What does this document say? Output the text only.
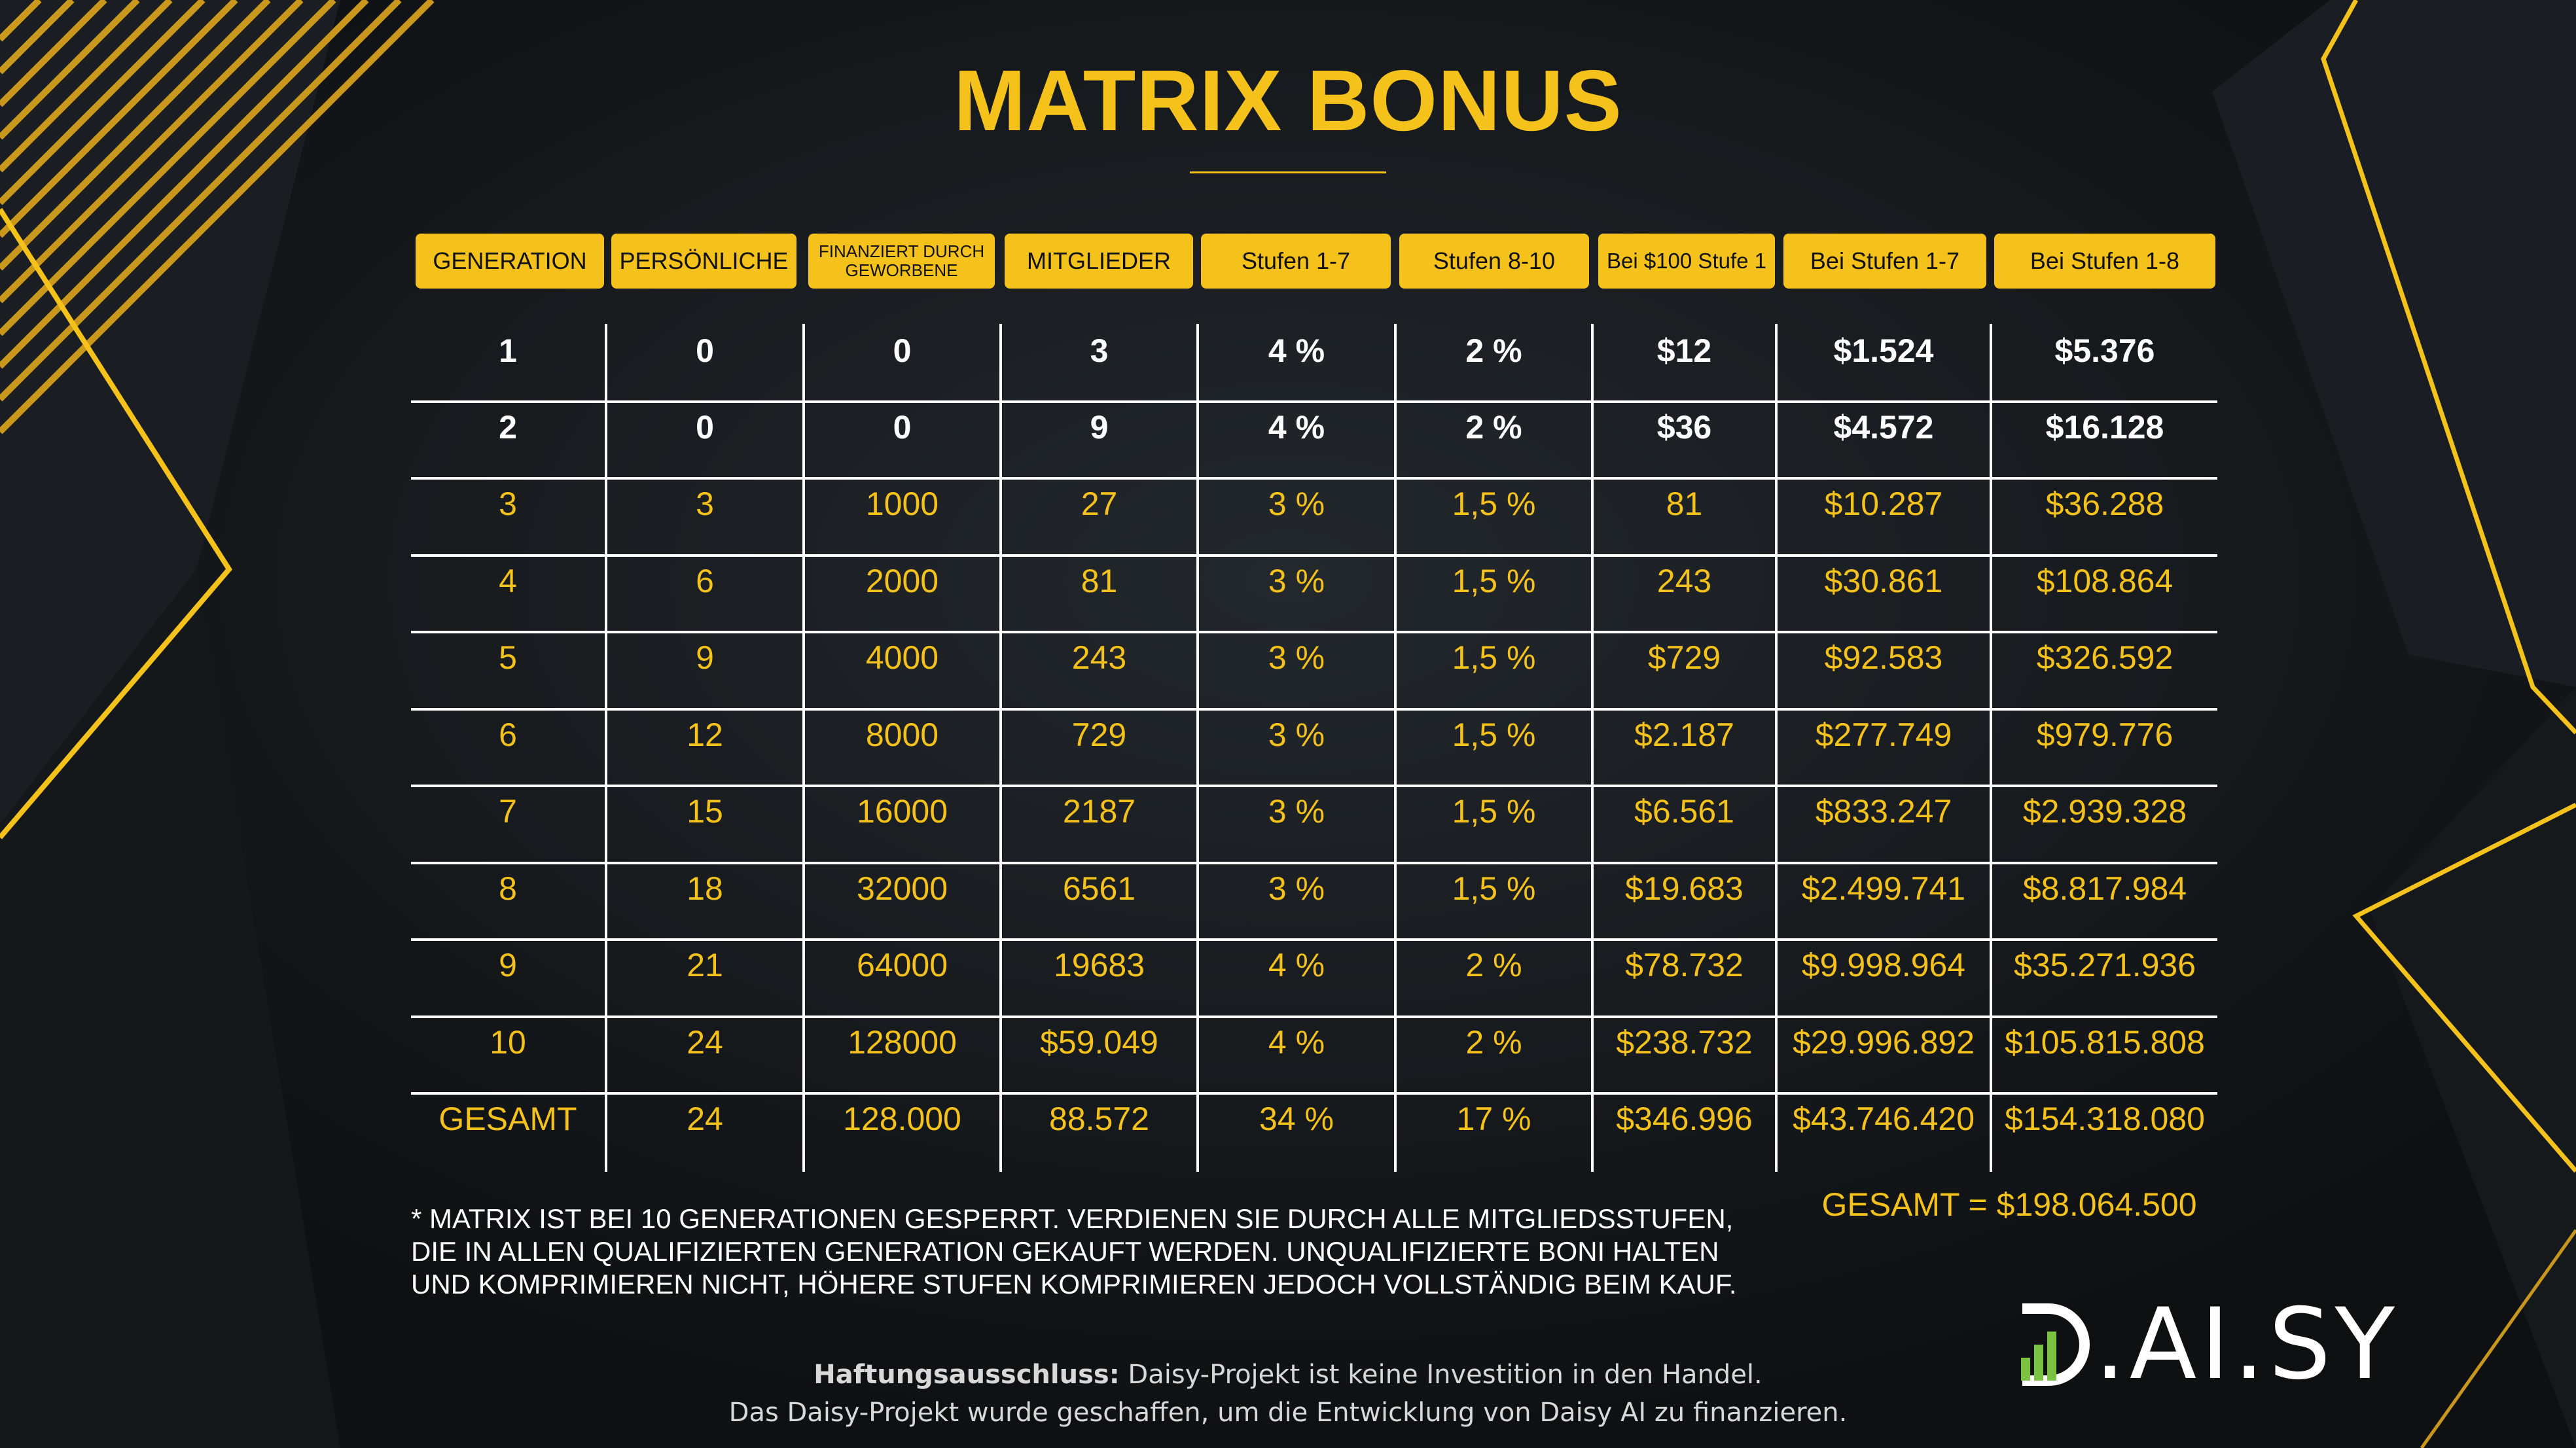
MATRIX BONUS
GENERATION	PERSÖNLICHE	FINANZIERT DURCH GEWORBENE	MITGLIEDER	Stufen 1-7	Stufen 8-10	Bei $100 Stufe 1	Bei Stufen 1-7	Bei Stufen 1-8
1	0	0	3	4 %	2 %	$12	$1.524	$5.376
2	0	0	9	4 %	2 %	$36	$4.572	$16.128
3	3	1000	27	3 %	1,5 %	81	$10.287	$36.288
4	6	2000	81	3 %	1,5 %	243	$30.861	$108.864
5	9	4000	243	3 %	1,5 %	$729	$92.583	$326.592
6	12	8000	729	3 %	1,5 %	$2.187	$277.749	$979.776
7	15	16000	2187	3 %	1,5 %	$6.561	$833.247	$2.939.328
8	18	32000	6561	3 %	1,5 %	$19.683	$2.499.741	$8.817.984
9	21	64000	19683	4 %	2 %	$78.732	$9.998.964	$35.271.936
10	24	128000	$59.049	4 %	2 %	$238.732	$29.996.892 $105.815.808
GESAMT	24	128.000	88.572	34 %	17 %	$346.996	$43.746.420 $154.318.080
GESAMT = $198.064.500
* MATRIX IST BEI 10 GENERATIONEN GESPERRT. VERDIENEN SIE DURCH ALLE MITGLIEDSSTUFEN,
DIE IN ALLEN QUALIFIZIERTEN GENERATION GEKAUFT WERDEN. UNQUALIFIZIERTE BONI HALTEN
UND KOMPRIMIEREN NICHT, HÖHERE STUFEN KOMPRIMIEREN JEDOCH VOLLSTÄNDIG BEIM KAUF.
.AI.SY
Haftungsausschluss: Daisy-Projekt ist keine Investition in den Handel.
Das Daisy-Projekt wurde geschaffen, um die Entwicklung von Daisy AI zu finanzieren.
